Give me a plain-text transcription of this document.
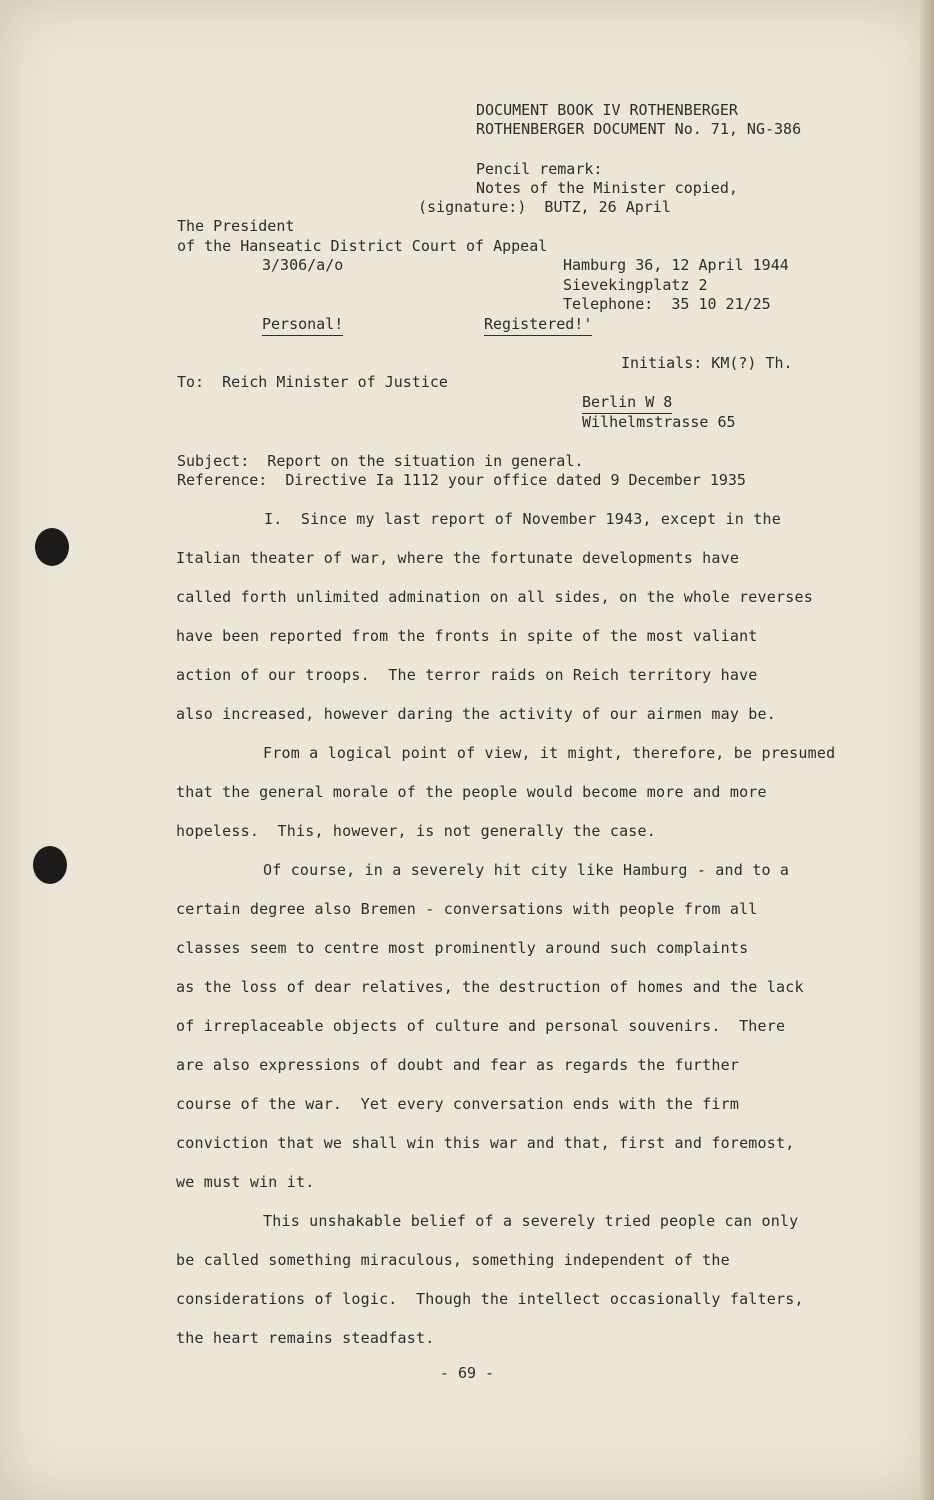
DOCUMENT BOOK IV ROTHENBERGER
ROTHENBERGER DOCUMENT No. 71, NG-386
Pencil remark:
Notes of the Minister copied,
(signature:)  BUTZ, 26 April
The President
of the Hanseatic District Court of Appeal
3/306/a/o	Hamburg 36, 12 April 1944
Sievekingplatz 2
Telephone:  35 10 21/25
Personal!	Registered!'
Initials: KM(?) Th.
To:  Reich Minister of Justice
Berlin W 8
Wilhelmstrasse 65
Subject:  Report on the situation in general.
Reference:  Directive Ia 1112 your office dated 9 December 1935
I.  Since my last report of November 1943, except in the
Italian theater of war, where the fortunate developments have
called forth unlimited admination on all sides, on the whole reverses
have been reported from the fronts in spite of the most valiant
action of our troops.  The terror raids on Reich territory have
also increased, however daring the activity of our airmen may be.
From a logical point of view, it might, therefore, be presumed
that the general morale of the people would become more and more
hopeless.  This, however, is not generally the case.
Of course, in a severely hit city like Hamburg - and to a
certain degree also Bremen - conversations with people from all
classes seem to centre most prominently around such complaints
as the loss of dear relatives, the destruction of homes and the lack
of irreplaceable objects of culture and personal souvenirs.  There
are also expressions of doubt and fear as regards the further
course of the war.  Yet every conversation ends with the firm
conviction that we shall win this war and that, first and foremost,
we must win it.
This unshakable belief of a severely tried people can only
be called something miraculous, something independent of the
considerations of logic.  Though the intellect occasionally falters,
the heart remains steadfast.
- 69 -
